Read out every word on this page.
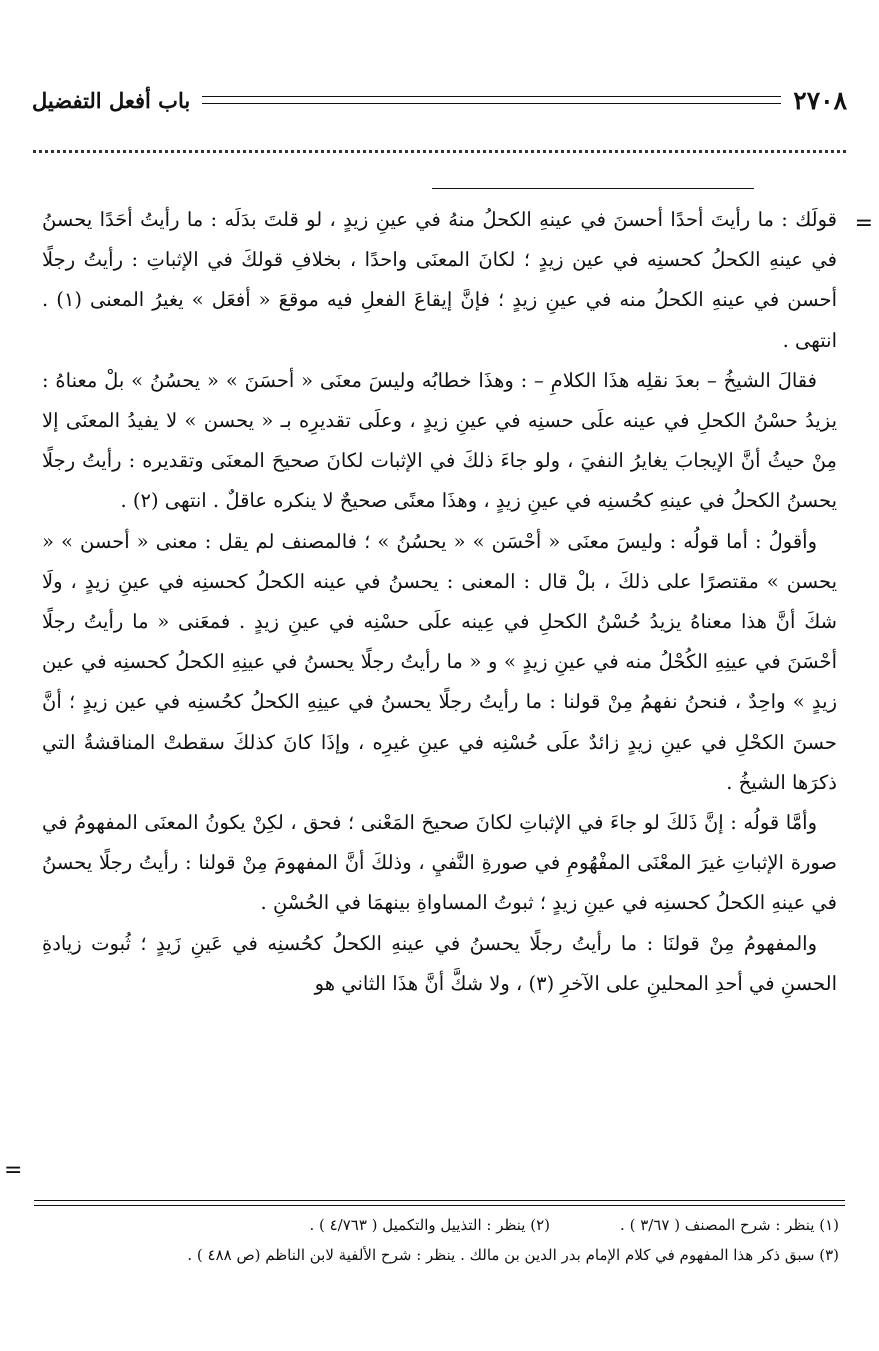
٢٧٠٨
باب أفعل التفضيل
=

قولَك : ما رأيتَ أحدًا أحسنَ في عينهِ الكحلُ منهُ في عينِ زيدٍ ، لو قلتَ بدَلَه : ما رأيتُ أحَدًا يحسنُ في عينهِ الكحلُ كحسنِه في عين زيدٍ ؛ لكانَ المعنَى واحدًا ، بخلافِ قولكَ في الإثباتِ : رأيتُ رجلًا أحسن في عينهِ الكحلُ منه في عينِ زيدٍ ؛ فإنَّ إيقاعَ الفعلِ فيه موقعَ « أفعَل » يغيرُ المعنى (١) . انتهى .

فقالَ الشيخُ – بعدَ نقلِه هذَا الكلامِ – : وهذَا خطابُه وليسَ معنَى « أحسَنَ » « يحسُنُ » بلْ معناهُ : يزيدُ حسْنُ الكحلِ في عينه علَى حسنِه في عينِ زيدٍ ، وعلَى تقديرِه بـ « يحسن » لا يفيدُ المعنَى إلا مِنْ حيثُ أنَّ الإيجابَ يغايرُ النفيَ ، ولو جاءَ ذلكَ في الإثبات لكانَ صحيحَ المعنَى وتقديره : رأيتُ رجلًا يحسنُ الكحلُ في عينهِ كحُسنِه في عينِ زيدٍ ، وهذَا معنًى صحيحٌ لا ينكره عاقلٌ . انتهى (٢) .

وأقولُ : أما قولُه : وليسَ معنَى « أحْسَن » « يحسُنُ » ؛ فالمصنف لم يقل : معنى « أحسن » « يحسن » مقتصرًا على ذلكَ ، بلْ قال : المعنى : يحسنُ في عينه الكحلُ كحسنِه في عينِ زيدٍ ، ولَا شكَ أنَّ هذا معناهُ يزيدُ حُسْنُ الكحلِ في عِينه علَى حسْنِه في عينِ زيدٍ . فمعَنى « ما رأيتُ رجلًا أحْسَنَ في عينِهِ الكُحْلُ منه في عينِ زيدٍ » و « ما رأيتُ رجلًا يحسنُ في عينِهِ الكحلُ كحسنِه في عين زيدٍ » واحِدٌ ، فنحنُ نفهمُ مِنْ قولنا : ما رأيتُ رجلًا يحسنُ في عينِهِ الكحلُ كحُسنِه في عين زيدٍ ؛ أنَّ حسنَ الكحْلِ في عينِ زيدٍ زائدٌ علَى حُسْنِه في عينِ غيرِه ، وإذَا كانَ كذلكَ سقطتْ المناقشةُ التي ذكرَها الشيخُ .

وأمَّا قولُه : إنَّ ذَلكَ لو جاءَ في الإثباتِ لكانَ صحيحَ المَعْنى ؛ فحق ، لكِنْ يكونُ المعنَى المفهومُ في صورة الإثباتِ غيرَ المعْنَى المفْهُومِ في صورةِ النَّفيِ ، وذلكَ أنَّ المفهومَ مِنْ قولنا : رأيتُ رجلًا يحسنُ في عينهِ الكحلُ كحسنِه في عينِ زيدٍ ؛ ثبوتُ المساواةِ بينهمَا في الحُسْنِ .

والمفهومُ مِنْ قولنَا : ما رأيتُ رجلًا يحسنُ في عينهِ الكحلُ كحُسنِه في عَينِ زَيدٍ ؛ ثُبوت زيادةِ الحسنِ في أحدِ المحلينِ على الآخرِ (٣) ، ولا شكَّ أنَّ هذَا الثاني هو

=
(١) ينظر : شرح المصنف ( ٣/٦٧ ) .
(٢) ينظر : التذييل والتكميل ( ٤/٧٦٣ ) .

(٣) سبق ذكر هذا المفهوم في كلام الإمام بدر الدين بن مالك . ينظر : شرح الألفية لابن الناظم (ص ٤٨٨ ) .
